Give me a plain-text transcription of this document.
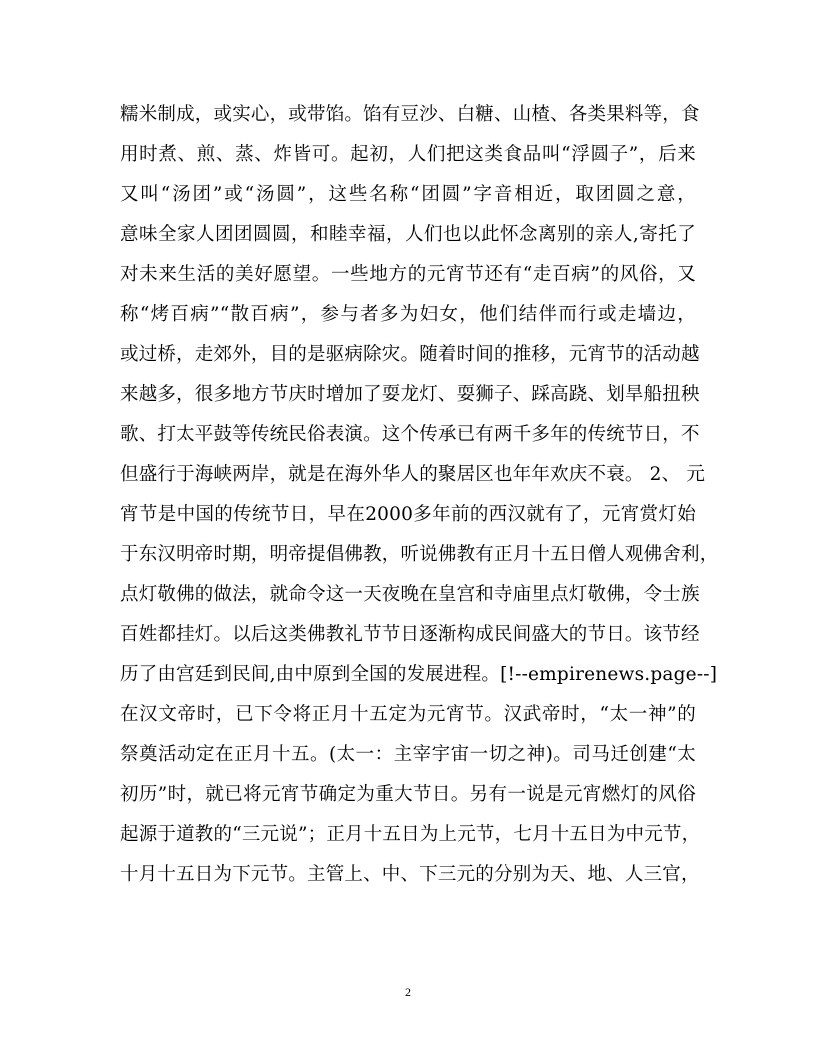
糯米制成，或实心，或带馅。馅有豆沙、白糖、山楂、各类果料等，食
用时煮、煎、蒸、炸皆可。起初，人们把这类食品叫“浮圆子”，后来
又叫“汤团”或“汤圆”，这些名称“团圆”字音相近，取团圆之意，
意味全家人团团圆圆，和睦幸福，人们也以此怀念离别的亲人,寄托了
对未来生活的美好愿望。一些地方的元宵节还有“走百病”的风俗，又
称“烤百病”“散百病”，参与者多为妇女，他们结伴而行或走墙边，
或过桥，走郊外，目的是驱病除灾。随着时间的推移，元宵节的活动越
来越多，很多地方节庆时增加了耍龙灯、耍狮子、踩高跷、划旱船扭秧
歌、打太平鼓等传统民俗表演。这个传承已有两千多年的传统节日，不
但盛行于海峡两岸，就是在海外华人的聚居区也年年欢庆不衰。 2、 元
宵节是中国的传统节日，早在2000多年前的西汉就有了，元宵赏灯始
于东汉明帝时期，明帝提倡佛教，听说佛教有正月十五日僧人观佛舍利，
点灯敬佛的做法，就命令这一天夜晚在皇宫和寺庙里点灯敬佛，令士族
百姓都挂灯。以后这类佛教礼节节日逐渐构成民间盛大的节日。该节经
历了由宫廷到民间,由中原到全国的发展进程。[!--empirenews.page--]
在汉文帝时，已下令将正月十五定为元宵节。汉武帝时，“太一神”的
祭奠活动定在正月十五。(太一：主宰宇宙一切之神)。司马迁创建“太
初历”时，就已将元宵节确定为重大节日。另有一说是元宵燃灯的风俗
起源于道教的“三元说”；正月十五日为上元节，七月十五日为中元节，
十月十五日为下元节。主管上、中、下三元的分别为天、地、人三官，
2
